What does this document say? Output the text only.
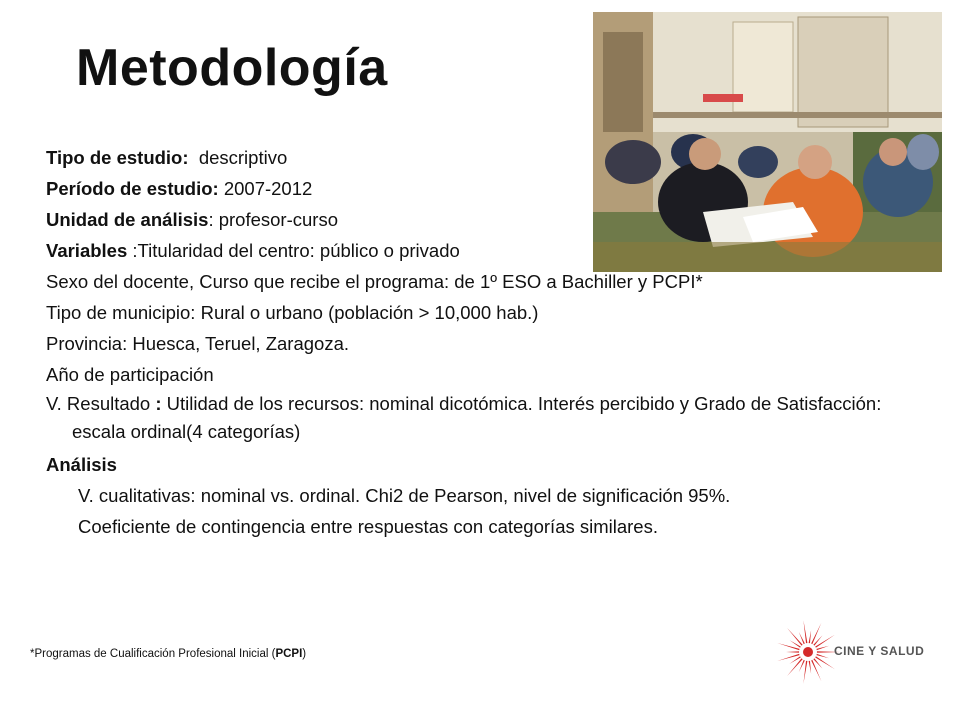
Metodología
Tipo de estudio: descriptivo
Período de estudio: 2007-2012
Unidad de análisis: profesor-curso
Variables :Titularidad del centro: público o privado
Sexo del docente, Curso que recibe el programa: de 1º ESO a Bachiller y PCPI*
Tipo de municipio: Rural o urbano (población > 10,000 hab.)
Provincia: Huesca, Teruel, Zaragoza.
Año de participación
V. Resultado : Utilidad de los recursos: nominal dicotómica. Interés percibido y Grado de Satisfacción: escala ordinal(4 categorías)
Análisis
V. cualitativas: nominal vs. ordinal. Chi2 de Pearson, nivel de significación 95%.
Coeficiente de contingencia entre respuestas con categorías similares.
*Programas de Cualificación Profesional Inicial (PCPI)	CINE Y SALUD
